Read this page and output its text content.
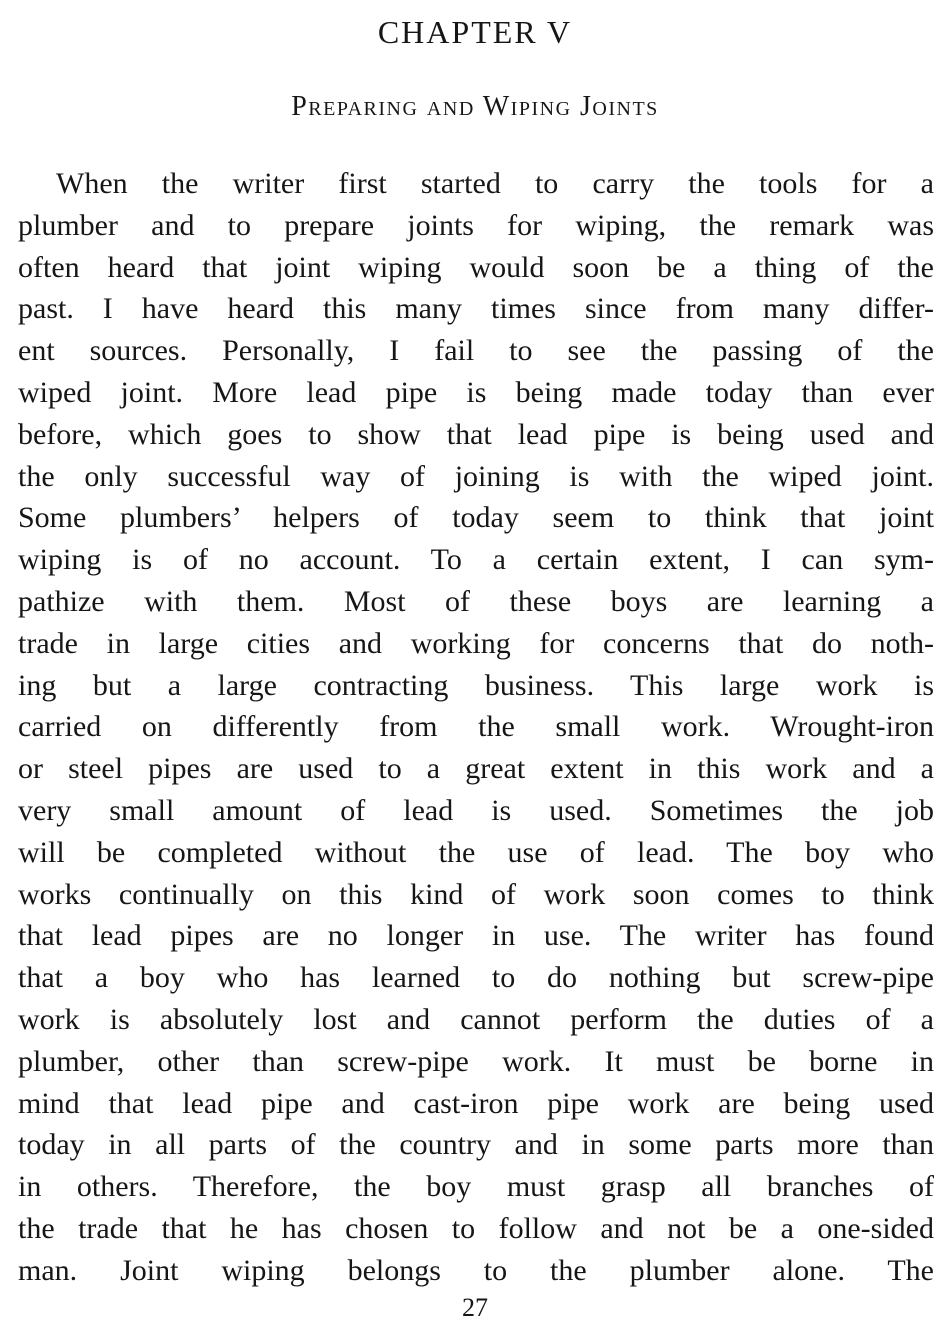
CHAPTER V
Preparing and Wiping Joints
When the writer first started to carry the tools for a
plumber and to prepare joints for wiping, the remark was
often heard that joint wiping would soon be a thing of the
past. I have heard this many times since from many differ-
ent sources. Personally, I fail to see the passing of the
wiped joint. More lead pipe is being made today than ever
before, which goes to show that lead pipe is being used and
the only successful way of joining is with the wiped joint.
Some plumbers’ helpers of today seem to think that joint
wiping is of no account. To a certain extent, I can sym-
pathize with them. Most of these boys are learning a
trade in large cities and working for concerns that do noth-
ing but a large contracting business. This large work is
carried on differently from the small work. Wrought-iron
or steel pipes are used to a great extent in this work and a
very small amount of lead is used. Sometimes the job
will be completed without the use of lead. The boy who
works continually on this kind of work soon comes to think
that lead pipes are no longer in use. The writer has found
that a boy who has learned to do nothing but screw-pipe
work is absolutely lost and cannot perform the duties of a
plumber, other than screw-pipe work. It must be borne in
mind that lead pipe and cast-iron pipe work are being used
today in all parts of the country and in some parts more than
in others. Therefore, the boy must grasp all branches of
the trade that he has chosen to follow and not be a one-sided
man. Joint wiping belongs to the plumber alone. The
27
